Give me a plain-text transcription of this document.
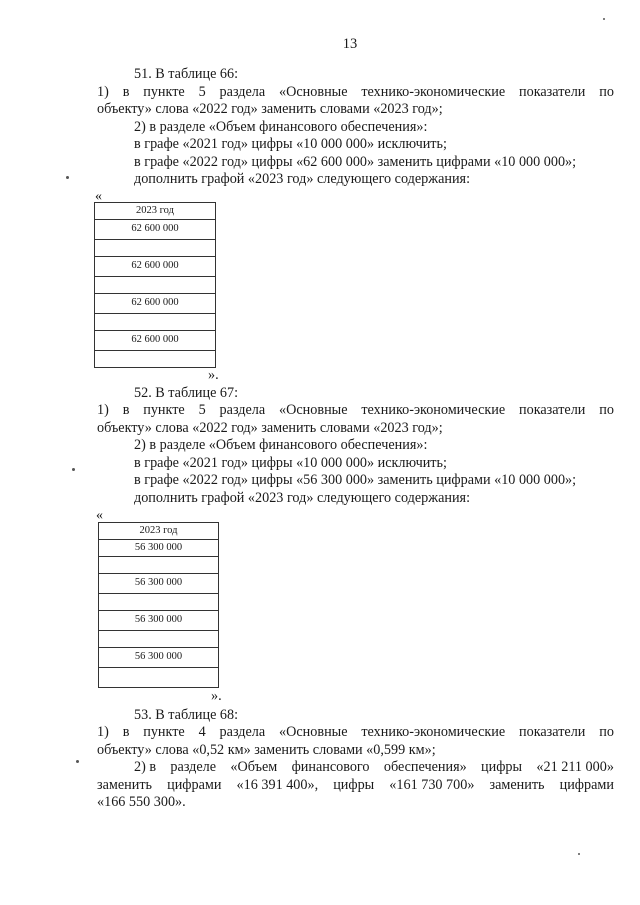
13
51. В таблице 66:
1) в пункте 5 раздела «Основные технико-экономические показатели по
объекту» слова «2022 год» заменить словами «2023 год»;
2) в разделе «Объем финансового обеспечения»:
в графе «2021 год» цифры «10 000 000» исключить;
в графе «2022 год» цифры «62 600 000» заменить цифрами «10 000 000»;
дополнить графой «2023 год» следующего содержания:
«
2023 год
62 600 000

62 600 000

62 600 000

62 600 000

».
52. В таблице 67:
1) в пункте 5 раздела «Основные технико-экономические показатели по
объекту» слова «2022 год» заменить словами «2023 год»;
2) в разделе «Объем финансового обеспечения»:
в графе «2021 год» цифры «10 000 000» исключить;
в графе «2022 год» цифры «56 300 000» заменить цифрами «10 000 000»;
дополнить графой «2023 год» следующего содержания:
«
2023 год
56 300 000

56 300 000

56 300 000

56 300 000

».
53. В таблице 68:
1) в пункте 4 раздела «Основные технико-экономические показатели по
объекту» слова «0,52 км» заменить словами «0,599 км»;
2) в разделе «Объем финансового обеспечения» цифры «21 211 000»
заменить цифрами «16 391 400», цифры «161 730 700» заменить цифрами
«166 550 300».
